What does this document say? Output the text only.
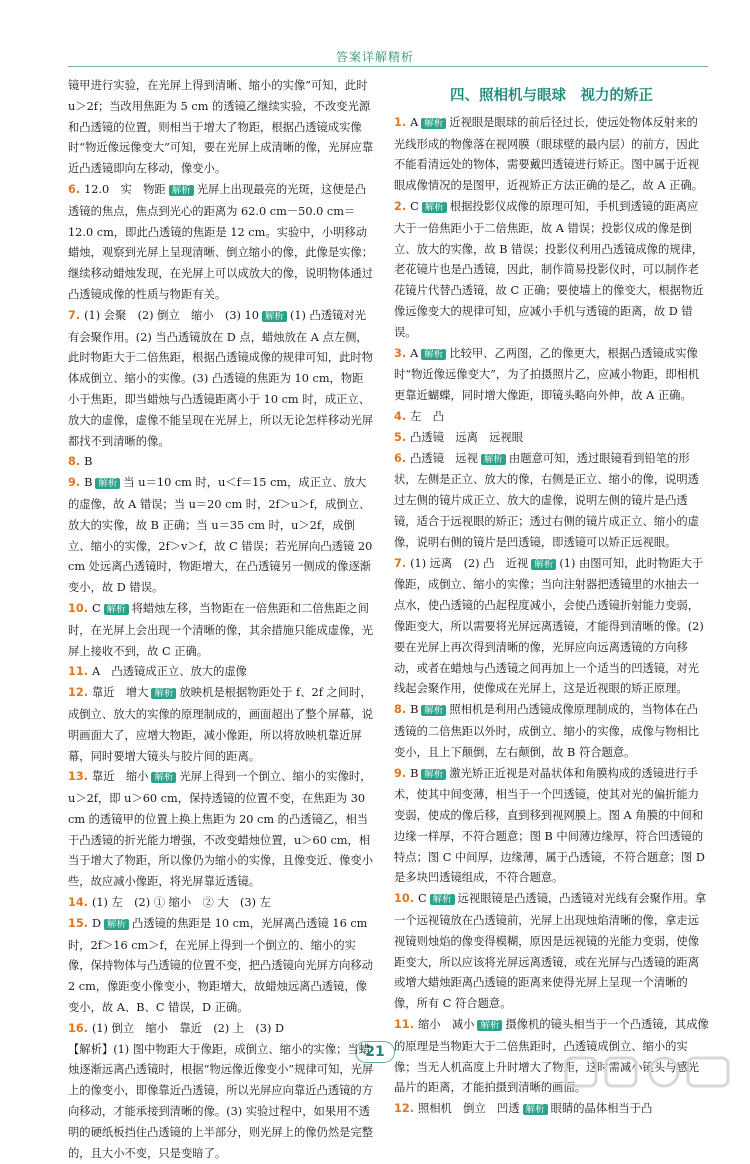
答案详解精析

镜甲进行实验，在光屏上得到清晰、缩小的实像”可知，此时u＞2f；当改用焦距为 5 cm 的透镜乙继续实验，不改变光源和凸透镜的位置，则相当于增大了物距，根据凸透镜成实像时“物近像远像变大”可知，要在光屏上成清晰的像，光屏应靠近凸透镜即向左移动，像变小。

6. 12.0　实　物距 解析 光屏上出现最亮的光斑，这便是凸透镜的焦点，焦点到光心的距离为 62.0 cm－50.0 cm＝12.0 cm，即此凸透镜的焦距是 12 cm。实验中，小明移动蜡烛，观察到光屏上呈现清晰、倒立缩小的像，此像是实像；继续移动蜡烛发现，在光屏上可以成放大的像，说明物体通过凸透镜成像的性质与物距有关。

7. (1) 会聚　(2) 倒立　缩小　(3) 10 解析 (1) 凸透镜对光有会聚作用。(2) 当凸透镜放在 D 点，蜡烛放在 A 点左侧，此时物距大于二倍焦距，根据凸透镜成像的规律可知，此时物体成倒立、缩小的实像。(3) 凸透镜的焦距为 10 cm，物距小于焦距，即当蜡烛与凸透镜距离小于 10 cm 时，成正立、放大的虚像，虚像不能呈现在光屏上，所以无论怎样移动光屏都找不到清晰的像。

8. B

9. B 解析 当 u＝10 cm 时，u＜f＝15 cm，成正立、放大的虚像，故 A 错误；当 u＝20 cm 时，2f＞u＞f，成倒立、放大的实像，故 B 正确；当 u＝35 cm 时，u＞2f，成倒立、缩小的实像，2f＞v＞f，故 C 错误；若光屏向凸透镜 20 cm 处远离凸透镜时，物距增大，在凸透镜另一侧成的像逐渐变小，故 D 错误。

10. C 解析 将蜡烛左移，当物距在一倍焦距和二倍焦距之间时，在光屏上会出现一个清晰的像，其余措施只能成虚像，光屏上接收不到，故 C 正确。

11. A　凸透镜成正立、放大的虚像

12. 靠近　增大 解析 放映机是根据物距处于 f、2f 之间时，成倒立、放大的实像的原理制成的，画面超出了整个屏幕，说明画面大了，应增大物距，减小像距，所以将放映机靠近屏幕，同时要增大镜头与胶片间的距离。

13. 靠近　缩小 解析 光屏上得到一个倒立、缩小的实像时，u＞2f，即 u＞60 cm，保持透镜的位置不变，在焦距为 30 cm 的透镜甲的位置上换上焦距为 20 cm 的凸透镜乙，相当于凸透镜的折光能力增强，不改变蜡烛位置，u＞60 cm，相当于增大了物距，所以像仍为缩小的实像，且像变近、像变小些，故应减小像距，将光屏靠近透镜。

14. (1) 左　(2) ① 缩小　② 大　(3) 左

15. D 解析 凸透镜的焦距是 10 cm，光屏离凸透镜 16 cm 时，2f＞16 cm＞f，在光屏上得到一个倒立的、缩小的实像，保持物体与凸透镜的位置不变，把凸透镜向光屏方向移动 2 cm，像距变小像变小，物距增大，故蜡烛远离凸透镜，像变小，故 A、B、C 错误，D 正确。

16. (1) 倒立　缩小　靠近　(2) 上　(3) D

【解析】(1) 图中物距大于像距，成倒立、缩小的实像；当蜡烛逐渐远离凸透镜时，根据“物远像近像变小”规律可知，光屏上的像变小，即像靠近凸透镜，所以光屏应向靠近凸透镜的方向移动，才能承接到清晰的像。(3) 实验过程中，如果用不透明的硬纸板挡住凸透镜的上半部分，则光屏上的像仍然是完整的，且大小不变，只是变暗了。

四、照相机与眼球　视力的矫正

1. A 解析 近视眼是眼球的前后径过长，使远处物体反射来的光线形成的物像落在视网膜（眼球壁的最内层）的前方，因此不能看清远处的物体，需要戴凹透镜进行矫正。图中属于近视眼成像情况的是图甲，近视矫正方法正确的是乙，故 A 正确。

2. C 解析 根据投影仪成像的原理可知，手机到透镜的距离应大于一倍焦距小于二倍焦距，故 A 错误；投影仪成的像是倒立、放大的实像，故 B 错误；投影仪利用凸透镜成像的规律，老花镜片也是凸透镜，因此，制作简易投影仪时，可以制作老花镜片代替凸透镜，故 C 正确；要使墙上的像变大，根据物近像远像变大的规律可知，应减小手机与透镜的距离，故 D 错误。

3. A 解析 比较甲、乙两图，乙的像更大，根据凸透镜成实像时“物近像远像变大”，为了拍摄照片乙，应减小物距，即相机更靠近蝴蝶，同时增大像距，即镜头略向外伸，故 A 正确。

4. 左　凸

5. 凸透镜　远离　远视眼

6. 凸透镜　远视 解析 由题意可知，透过眼镜看到铅笔的形状，左侧是正立、放大的像，右侧是正立、缩小的像，说明透过左侧的镜片成正立、放大的虚像，说明左侧的镜片是凸透镜，适合于远视眼的矫正；透过右侧的镜片成正立、缩小的虚像，说明右侧的镜片是凹透镜，即透镜可以矫正远视眼。

7. (1) 远离　(2) 凸　近视 解析 (1) 由图可知，此时物距大于像距，成倒立、缩小的实像；当向注射器把透镜里的水抽去一点水，使凸透镜的凸起程度减小，会使凸透镜折射能力变弱，像距变大，所以需要将光屏远离透镜，才能得到清晰的像。(2) 要在光屏上再次得到清晰的像，光屏应向远离透镜的方向移动，或者在蜡烛与凸透镜之间再加上一个适当的凹透镜，对光线起会聚作用，使像成在光屏上，这是近视眼的矫正原理。

8. B 解析 照相机是利用凸透镜成像原理制成的，当物体在凸透镜的二倍焦距以外时，成倒立、缩小的实像，成像与物相比变小，且上下颠倒，左右颠倒，故 B 符合题意。

9. B 解析 激光矫正近视是对晶状体和角膜构成的透镜进行手术，使其中间变薄，相当于一个凹透镜，使其对光的偏折能力变弱，使成的像后移，直到移到视网膜上。图 A 角膜的中间和边缘一样厚，不符合题意；图 B 中间薄边缘厚，符合凹透镜的特点；图 C 中间厚，边缘薄，属于凸透镜，不符合题意；图 D 是多块凹透镜组成，不符合题意。

10. C 解析 远视眼镜是凸透镜，凸透镜对光线有会聚作用。拿一个远视镜放在凸透镜前，光屏上出现烛焰清晰的像，拿走远视镜则烛焰的像变得模糊，原因是远视镜的光能力变弱，使像距变大，所以应该将光屏远离透镜，或在光屏与凸透镜的距离或增大蜡烛距离凸透镜的距离来使得光屏上呈现一个清晰的像，所有 C 符合题意。

11. 缩小　减小 解析 摄像机的镜头相当于一个凸透镜，其成像的原理是当物距大于二倍焦距时，凸透镜成倒立、缩小的实像；当无人机高度上升时增大了物距，这时需减小镜头与感光晶片的距离，才能拍摄到清晰的画面。

12. 照相机　倒立　凹透 解析 眼睛的晶体相当于凸

21
